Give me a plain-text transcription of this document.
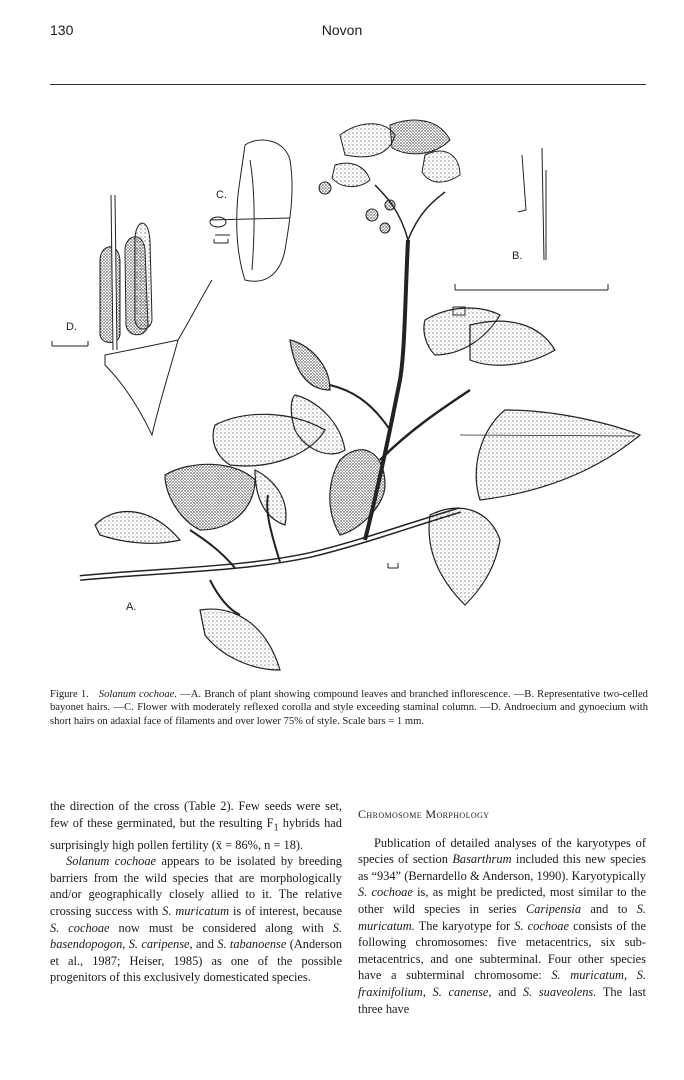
130	Novon
A.
B.
C.
D.
Figure 1. Solanum cochoae. —A. Branch of plant showing compound leaves and branched inflorescence. —B. Representative two-celled bayonet hairs. —C. Flower with moderately reflexed corolla and style exceeding staminal column. —D. Androecium and gynoecium with short hairs on adaxial face of filaments and over lower 75% of style. Scale bars = 1 mm.

the direction of the cross (Table 2). Few seeds were set, few of these germinated, but the resulting $F_1$ hybrids had surprisingly high pollen fertility (x̄ = 86%, n = 18).

Solanum cochoae appears to be isolated by breeding barriers from the wild species that are morphologically and/or geographically closely allied to it. The relative crossing success with S. muricatum is of interest, because S. cochoae now must be considered along with S. basendopogon, S. caripense, and S. tabanoense (Anderson et al., 1987; Heiser, 1985) as one of the possible progenitors of this exclusively domesticated species.

Chromosome Morphology

Publication of detailed analyses of the karyotypes of species of section Basarthrum included this new species as “934” (Bernardello & Anderson, 1990). Karyotypically S. cochoae is, as might be predicted, most similar to the other wild species in series Caripensia and to S. muricatum. The karyotype for S. cochoae consists of the following chromosomes: five metacentrics, six sub-metacentrics, and one subterminal. Four other species have a subterminal chromosome: S. muricatum, S. fraxinifolium, S. canense, and S. suaveolens. The last three have
